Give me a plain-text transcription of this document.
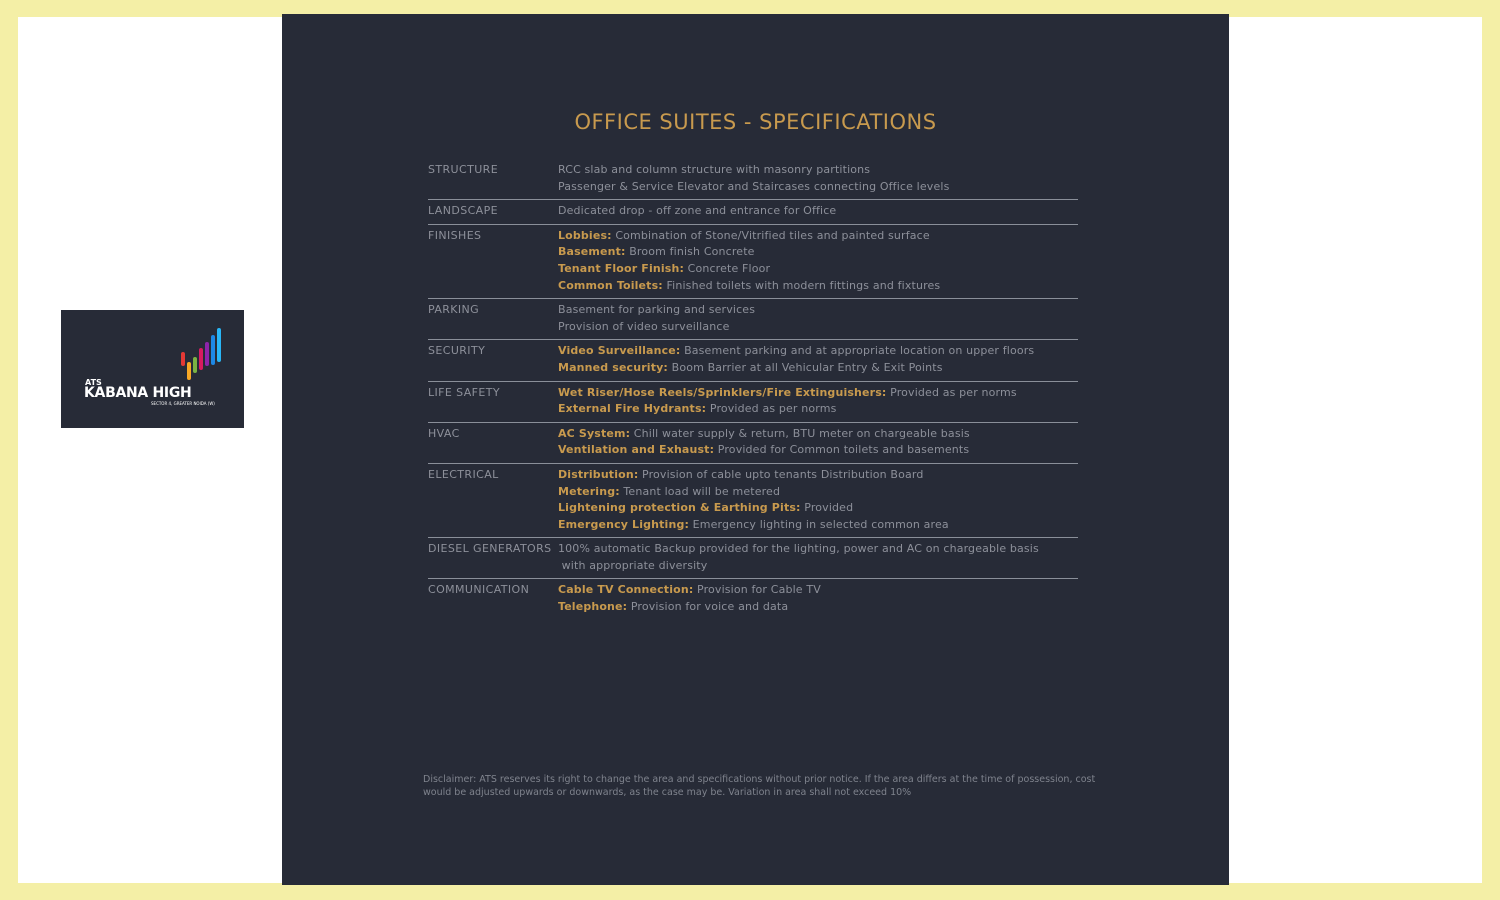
ATS
KABANA HIGH
SECTOR 4, GREATER NOIDA (W)
OFFICE SUITES - SPECIFICATIONS
STRUCTURE	RCC slab and column structure with masonry partitions
Passenger & Service Elevator and Staircases connecting Office levels
LANDSCAPE	Dedicated drop - off zone and entrance for Office
FINISHES	Lobbies: Combination of Stone/Vitrified tiles and painted surface
Basement: Broom finish Concrete
Tenant Floor Finish: Concrete Floor
Common Toilets: Finished toilets with modern fittings and fixtures
PARKING	Basement for parking and services
Provision of video surveillance
SECURITY	Video Surveillance: Basement parking and at appropriate location on upper floors
Manned security: Boom Barrier at all Vehicular Entry & Exit Points
LIFE SAFETY	Wet Riser/Hose Reels/Sprinklers/Fire Extinguishers: Provided as per norms
External Fire Hydrants: Provided as per norms
HVAC	AC System: Chill water supply & return, BTU meter on chargeable basis
Ventilation and Exhaust: Provided for Common toilets and basements
ELECTRICAL	Distribution: Provision of cable upto tenants Distribution Board
Metering: Tenant load will be metered
Lightening protection & Earthing Pits: Provided
Emergency Lighting: Emergency lighting in selected common area
DIESEL GENERATORS 100% automatic Backup provided for the lighting, power and AC on chargeable basis
with appropriate diversity
COMMUNICATION	Cable TV Connection: Provision for Cable TV
Telephone: Provision for voice and data
Disclaimer: ATS reserves its right to change the area and specifications without prior notice. If the area differs at the time of possession, cost
would be adjusted upwards or downwards, as the case may be. Variation in area shall not exceed 10%
